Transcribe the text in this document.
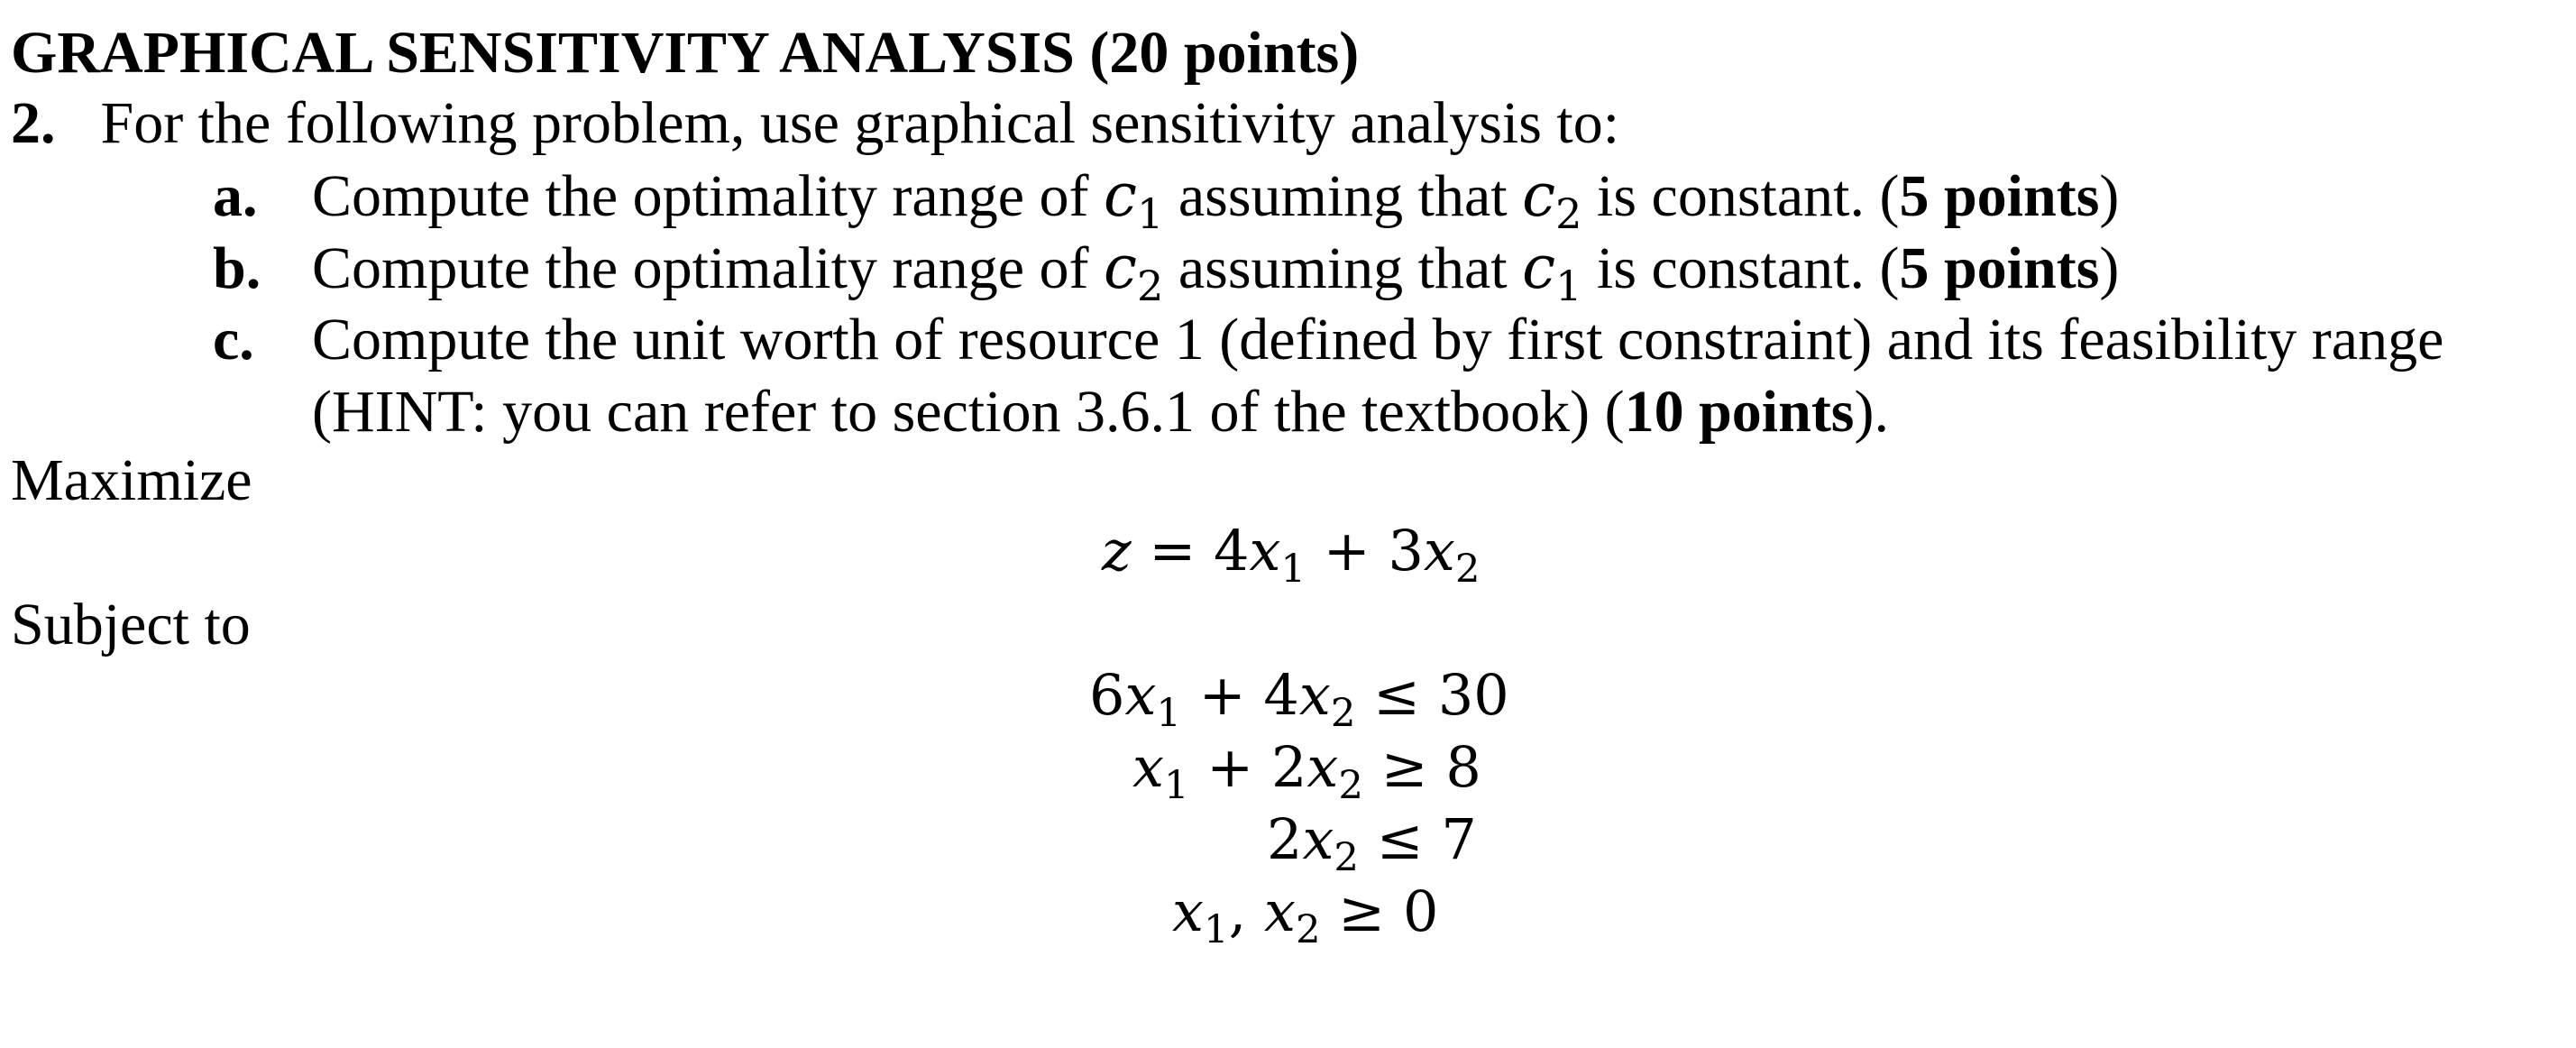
GRAPHICAL SENSITIVITY ANALYSIS (20 points)
2. For the following problem, use graphical sensitivity analysis to:
a. Compute the optimality range of $c_1$ assuming that $c_2$ is constant. (5 points)
b. Compute the optimality range of $c_2$ assuming that $c_1$ is constant. (5 points)
c. Compute the unit worth of resource 1 (defined by first constraint) and its feasibility range
(HINT: you can refer to section 3.6.1 of the textbook) (10 points).
Maximize
$z = 4x_1 + 3x_2$
Subject to
$6x_1 + 4x_2 \le 30$
$x_1 + 2x_2 \ge 8$
$2x_2 \le 7$
$x_1$, $x_2 \ge 0$
